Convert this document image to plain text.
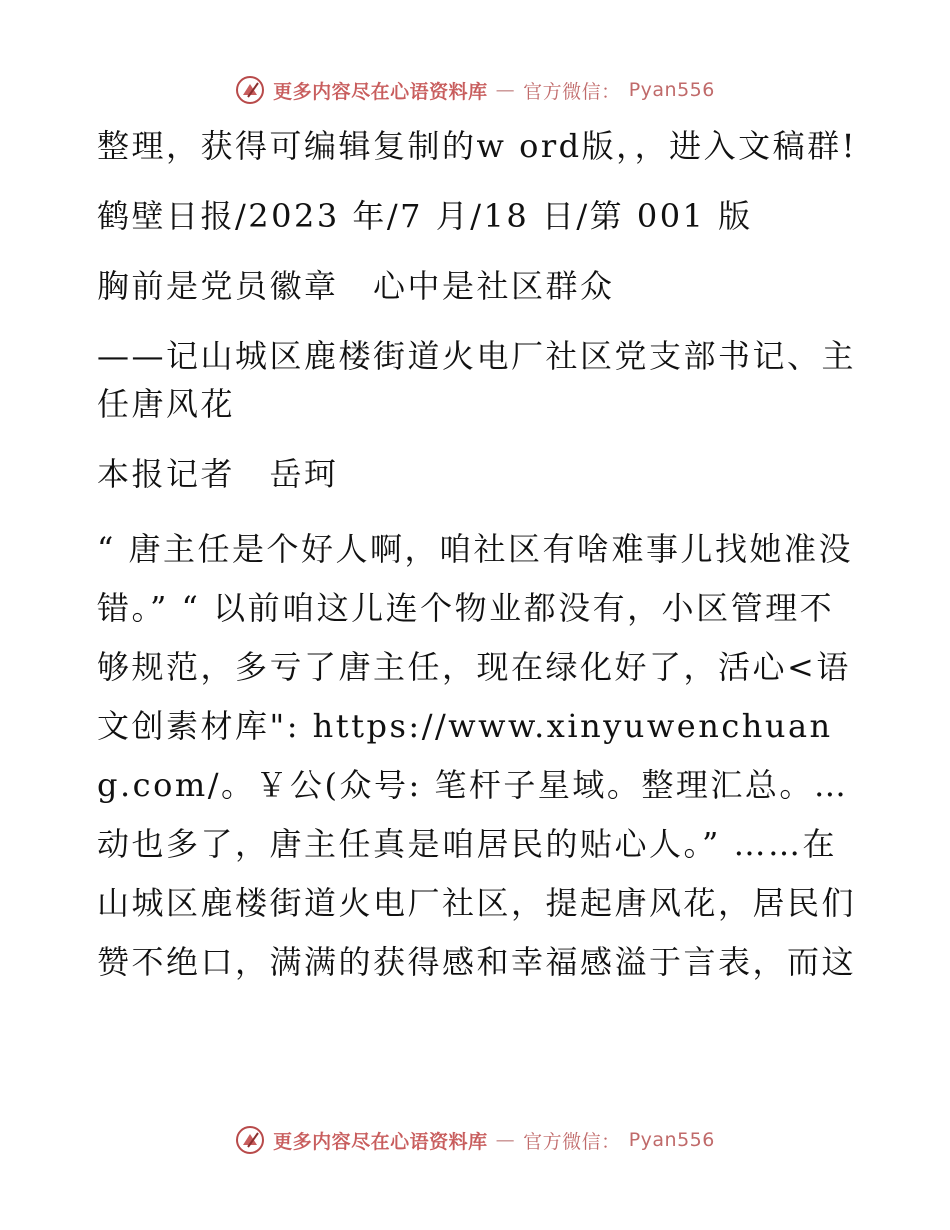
更多内容尽在心语资料库 — 官方微信： Pyan556

整理，获得可编辑复制的w ord版，，进入文稿群!

鹤壁日报/2023 年/7 月/18 日/第 001 版

胸前是党员徽章　心中是社区群众

——记山城区鹿楼街道火电厂社区党支部书记、主任唐风花

本报记者　岳珂

“ 唐主任是个好人啊，咱社区有啥难事儿找她准没错。” “ 以前咱这儿连个物业都没有，小区管理不够规范，多亏了唐主任，现在绿化好了，活心<语文创素材库": https://www.xinyuwenchuang.com/。￥公(众号: 笔杆子星域。整理汇总。…动也多了，唐主任真是咱居民的贴心人。” ……在山城区鹿楼街道火电厂社区，提起唐风花，居民们赞不绝口，满满的获得感和幸福感溢于言表，而这

更多内容尽在心语资料库 — 官方微信： Pyan556
